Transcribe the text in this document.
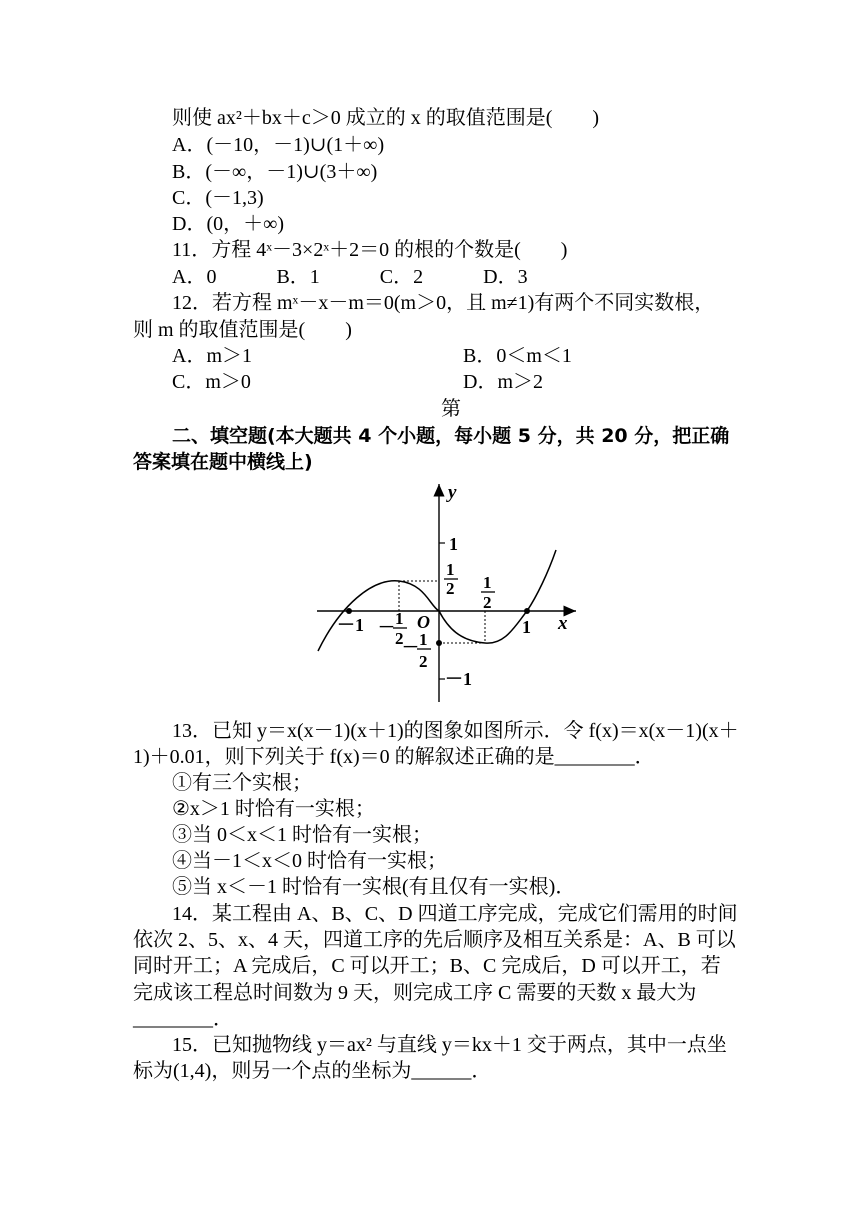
则使 ax²＋bx＋c＞0 成立的 x 的取值范围是(　　)
A．(－10，－1)∪(1＋∞)
B．(－∞，－1)∪(3＋∞)
C．(－1,3)
D．(0，＋∞)
11．方程 4ˣ－3×2ˣ＋2＝0 的根的个数是(　　)
A．0　　　B．1　　　C．2　　　D．3
12．若方程 mˣ－x－m＝0(m＞0，且 m≠1)有两个不同实数根，
则 m 的取值范围是(　　)
A．m＞1	B．0＜m＜1
C．m＞0	D．m＞2
第
二、填空题(本大题共 4 个小题，每小题 5 分，共 20 分，把正确
答案填在题中横线上)
y
x
O
1
－1
1
2 1
2
－ 1
2
－ 1
2
－1	1
13．已知 y＝x(x－1)(x＋1)的图象如图所示．令 f(x)＝x(x－1)(x＋
1)＋0.01，则下列关于 f(x)＝0 的解叙述正确的是________．
①有三个实根；
②x＞1 时恰有一实根；
③当 0＜x＜1 时恰有一实根；
④当－1＜x＜0 时恰有一实根；
⑤当 x＜－1 时恰有一实根(有且仅有一实根)．
14．某工程由 A、B、C、D 四道工序完成，完成它们需用的时间
依次 2、5、x、4 天，四道工序的先后顺序及相互关系是：A、B 可以
同时开工；A 完成后，C 可以开工；B、C 完成后，D 可以开工，若
完成该工程总时间数为 9 天，则完成工序 C 需要的天数 x 最大为
________．
15．已知抛物线 y＝ax² 与直线 y＝kx＋1 交于两点，其中一点坐
标为(1,4)，则另一个点的坐标为______．
